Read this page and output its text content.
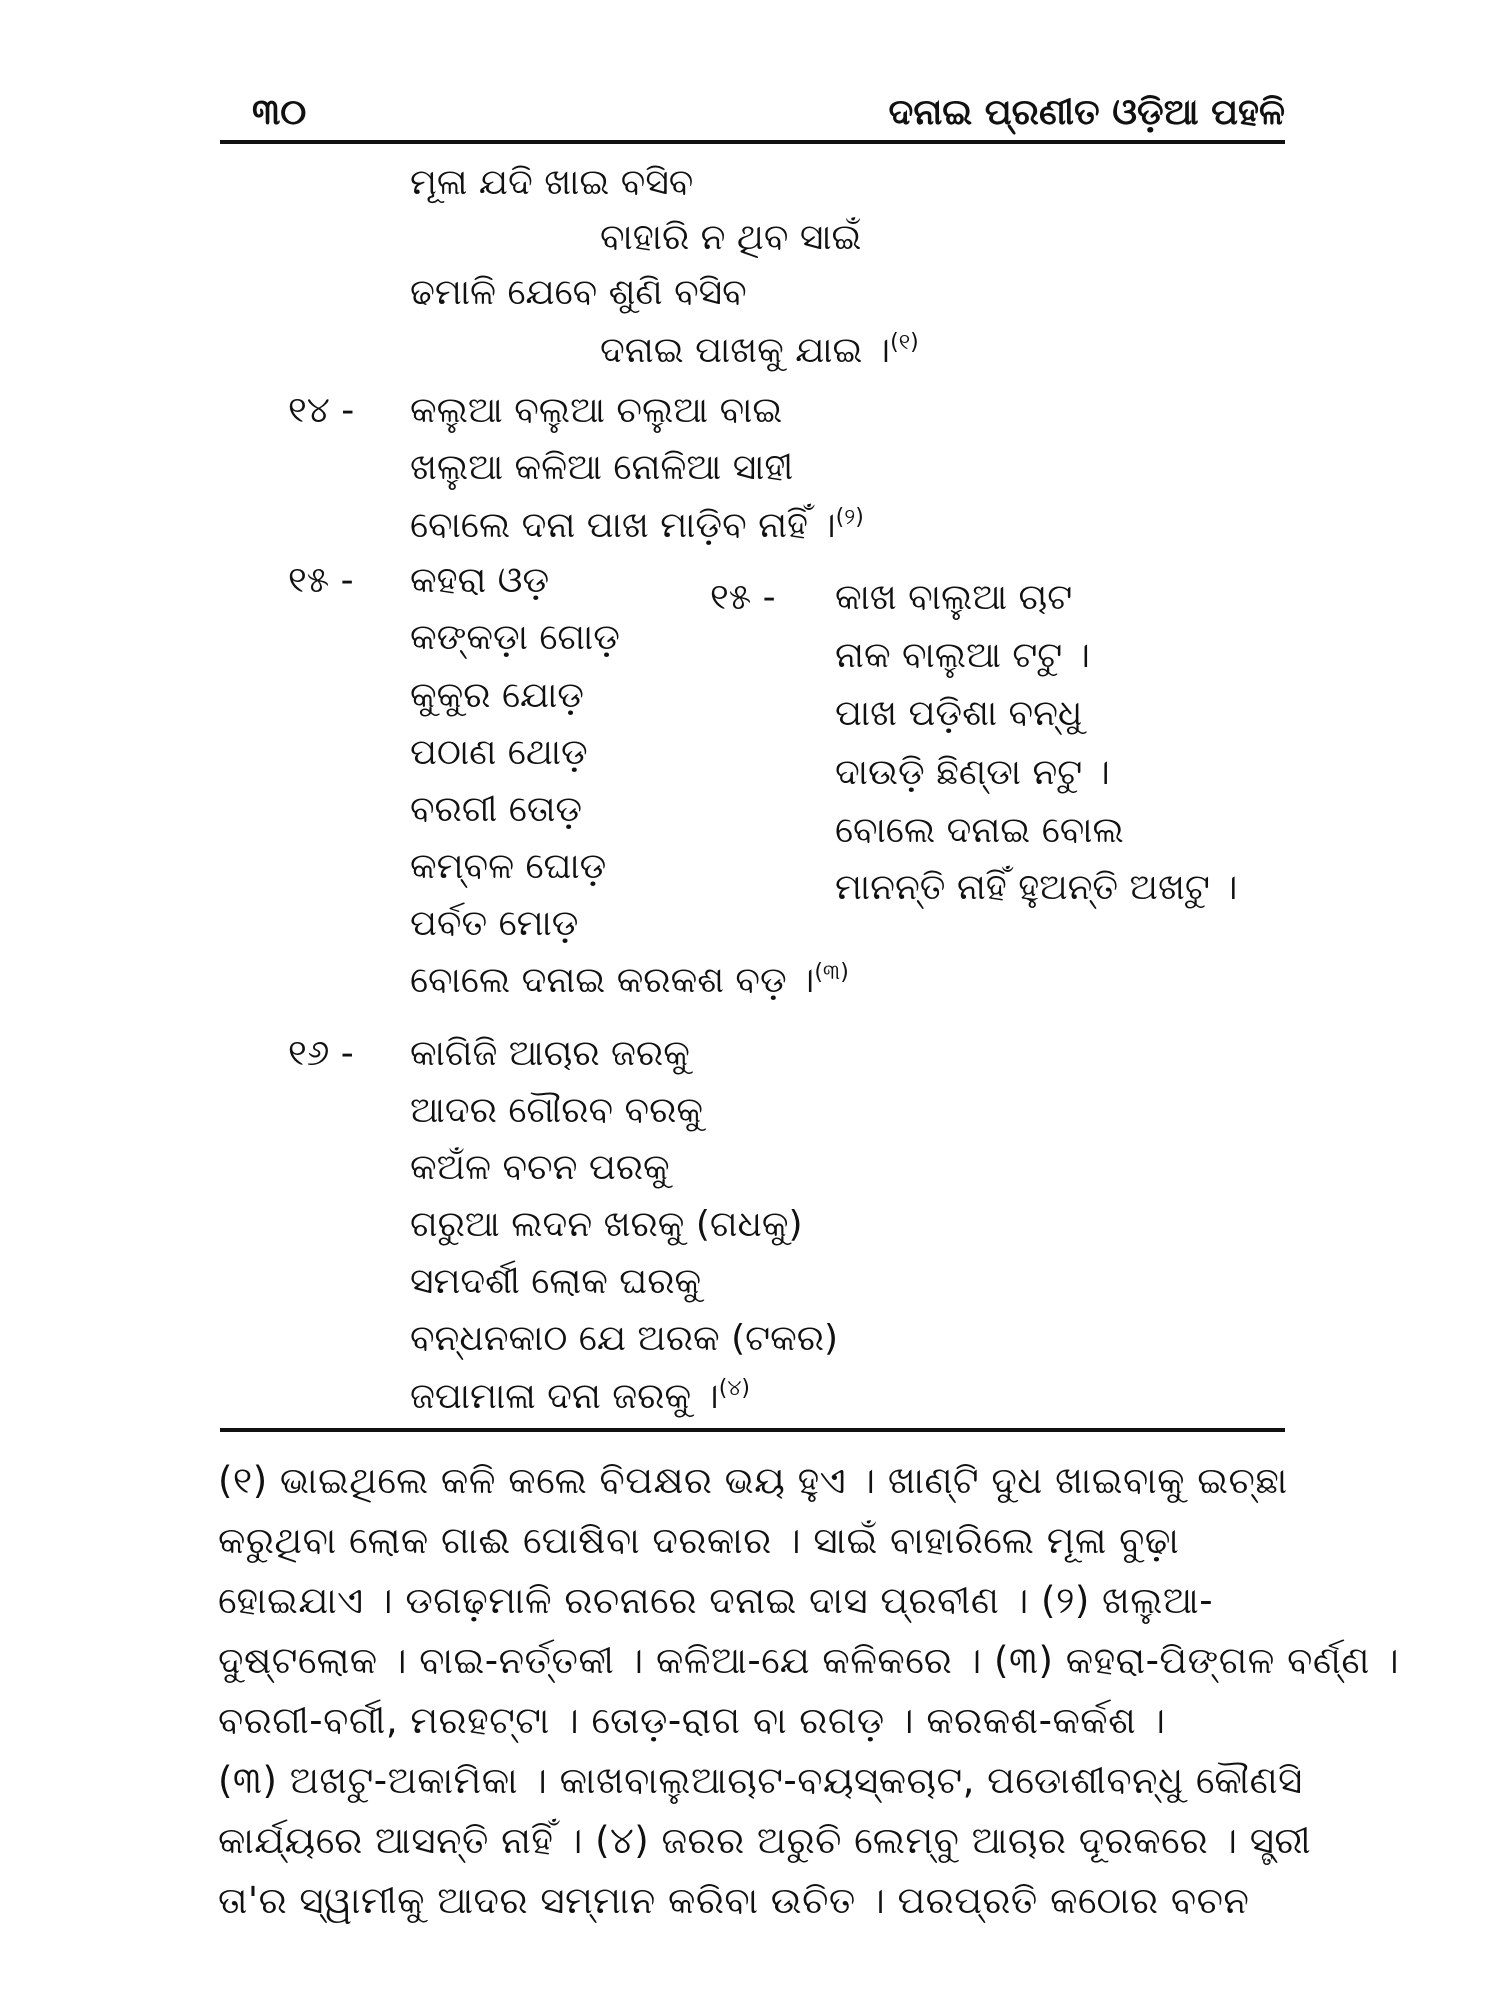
୩୦	ଦନାଇ ପ୍ରଣୀତ ଓଡ଼ିଆ ପହଳି
ମୂଳା ଯଦି ଖାଇ ବସିବ
ବାହାରି ନ ଥିବ ସାଇଁ
ଢମାଳି ଯେବେ ଶୁଣି ବସିବ
ଦନାଇ ପାଖକୁ ଯାଇ ।$^{(୧)}$
୧୪ - କଲୁଆ ବଲୁଆ ଚଲୁଆ ବାଇ
ଖଲୁଆ କଳିଆ ନୋଳିଆ ସାହୀ
ବୋଲେ ଦନା ପାଖ ମାଡ଼ିବ ନାହିଁ ।$^{(୨)}$
୧୫ - କହରା ଓଡ଼
କଙ୍କଡ଼ା ଗୋଡ଼
କୁକୁର ଯୋଡ଼
ପଠାଣ ଥୋଡ଼
ବରଗୀ ତୋଡ଼
କମ୍ବଳ ଘୋଡ଼
ପର୍ବତ ମୋଡ଼
ବୋଲେ ଦନାଇ କରକଶ ବଡ଼ ।$^{(୩)}$
୧୫ - କାଖ ବାଲୁଆ ଚାଟ
ନାକ ବାଲୁଆ ଟଟୁ ।
ପାଖ ପଡ଼ିଶା ବନ୍ଧୁ
ଦାଉଡ଼ି ଛିଣ୍ଡା ନଟୁ ।
ବୋଲେ ଦନାଇ ବୋଲ
ମାନନ୍ତି ନାହିଁ ହୁଅନ୍ତି ଅଖଟୁ ।
୧୬ - କାଗିଜି ଆଚାର ଜରକୁ
ଆଦର ଗୌରବ ବରକୁ
କଅଁଳ ବଚନ ପରକୁ
ଗରୁଆ ଲଦନ ଖରକୁ (ଗଧକୁ)
ସମଦର୍ଶୀ ଲୋକ ଘରକୁ
ବନ୍ଧନକାଠ ଯେ ଅରକ (ଟକର)
ଜପାମାଳା ଦନା ଜରକୁ ।$^{(୪)}$
(୧) ଭାଇଥିଲେ କଳି କଲେ ବିପକ୍ଷର ଭୟ ହୁଏ । ଖାଣ୍ଟି ଦୁଧ ଖାଇବାକୁ ଇଚ୍ଛା
କରୁଥିବା ଲୋକ ଗାଈ ପୋଷିବା ଦରକାର । ସାଇଁ ବାହାରିଲେ ମୂଳା ବୁଢ଼ା
ହୋଇଯାଏ । ଡଗଢ଼ମାଳି ରଚନାରେ ଦନାଇ ଦାସ ପ୍ରବୀଣ । (୨) ଖଲୁଆ-
ଦୁଷ୍ଟଲୋକ । ବାଇ-ନର୍ତ୍ତକୀ । କଳିଆ-ଯେ କଳିକରେ । (୩) କହରା-ପିଙ୍ଗଳ ବର୍ଣ୍ଣ ।
ବରଗୀ-ବର୍ଗୀ, ମରହଟ୍ଟା । ତୋଡ଼-ରାଗ ବା ରଗଡ଼ । କରକଶ-କର୍କଶ ।
(୩) ଅଖଟୁ-ଅକାମିକା । କାଖବାଲୁଆଚାଟ-ବୟସ୍କଚାଟ, ପଡୋଶୀବନ୍ଧୁ କୌଣସି
କାର୍ଯ୍ୟରେ ଆସନ୍ତି ନାହିଁ । (୪) ଜରର ଅରୁଚି ଲେମ୍ବୁ ଆଚାର ଦୂରକରେ । ସ୍ତ୍ରୀ
ତା'ର ସ୍ୱାମୀକୁ ଆଦର ସମ୍ମାନ କରିବା ଉଚିତ । ପରପ୍ରତି କଠୋର ବଚନ
